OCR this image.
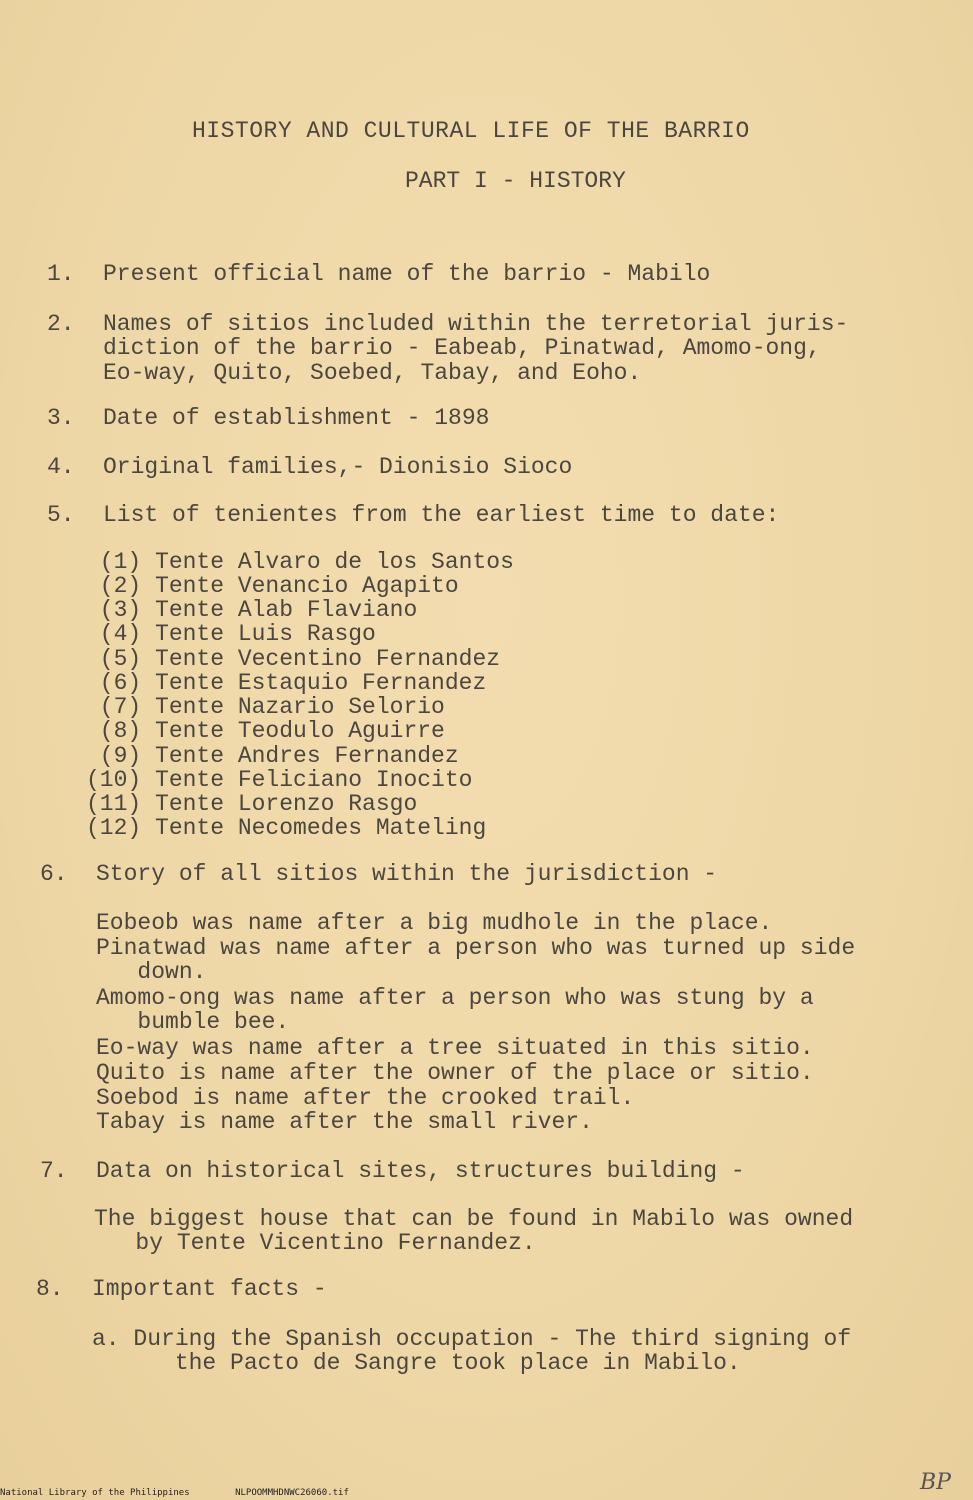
HISTORY AND CULTURAL LIFE OF THE BARRIO
PART I - HISTORY
1.	Present official name of the barrio - Mabilo
2.	Names of sitios included within the terretorial juris-
diction of the barrio - Eabeab, Pinatwad, Amomo-ong,
Eo-way, Quito, Soebed, Tabay, and Eoho.
3.	Date of establishment - 1898
4.	Original families,- Dionisio Sioco
5.	List of tenientes from the earliest time to date:
(1) Tente Alvaro de los Santos
(2) Tente Venancio Agapito
(3) Tente Alab Flaviano
(4) Tente Luis Rasgo
(5) Tente Vecentino Fernandez
(6) Tente Estaquio Fernandez
(7) Tente Nazario Selorio
(8) Tente Teodulo Aguirre
(9) Tente Andres Fernandez
(10) Tente Feliciano Inocito
(11) Tente Lorenzo Rasgo
(12) Tente Necomedes Mateling
6.	Story of all sitios within the jurisdiction -
Eobeob was name after a big mudhole in the place.
Pinatwad was name after a person who was turned up side
down.
Amomo-ong was name after a person who was stung by a
bumble bee.
Eo-way was name after a tree situated in this sitio.
Quito is name after the owner of the place or sitio.
Soebod is name after the crooked trail.
Tabay is name after the small river.
7.	Data on historical sites, structures building -
The biggest house that can be found in Mabilo was owned
by Tente Vicentino Fernandez.
8.	Important facts -
a. During the Spanish occupation - The third signing of
the Pacto de Sangre took place in Mabilo.
National Library of the Philippines	NLPOOMMHDNWC26060.tif	BP
